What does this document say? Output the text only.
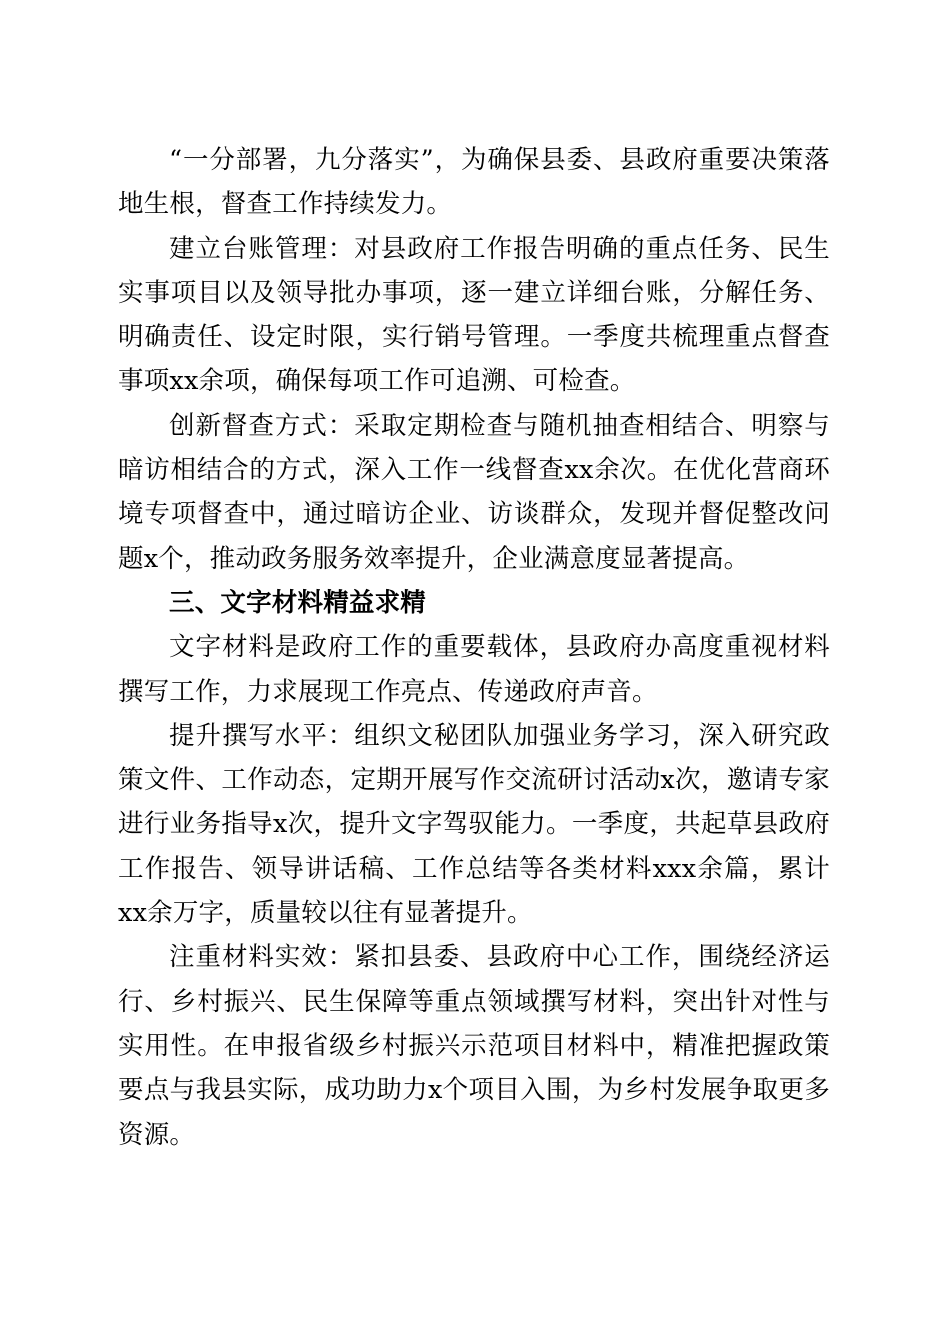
“一分部署，九分落实”，为确保县委、县政府重要决策落地生根，督查工作持续发力。

建立台账管理：对县政府工作报告明确的重点任务、民生实事项目以及领导批办事项，逐一建立详细台账，分解任务、明确责任、设定时限，实行销号管理。一季度共梳理重点督查事项xx余项，确保每项工作可追溯、可检查。

创新督查方式：采取定期检查与随机抽查相结合、明察与暗访相结合的方式，深入工作一线督查xx余次。在优化营商环境专项督查中，通过暗访企业、访谈群众，发现并督促整改问题x个，推动政务服务效率提升，企业满意度显著提高。

三、文字材料精益求精

文字材料是政府工作的重要载体，县政府办高度重视材料撰写工作，力求展现工作亮点、传递政府声音。

提升撰写水平：组织文秘团队加强业务学习，深入研究政策文件、工作动态，定期开展写作交流研讨活动x次，邀请专家进行业务指导x次，提升文字驾驭能力。一季度，共起草县政府工作报告、领导讲话稿、工作总结等各类材料xxx余篇，累计xx余万字，质量较以往有显著提升。

注重材料实效：紧扣县委、县政府中心工作，围绕经济运行、乡村振兴、民生保障等重点领域撰写材料，突出针对性与实用性。在申报省级乡村振兴示范项目材料中，精准把握政策要点与我县实际，成功助力x个项目入围，为乡村发展争取更多资源。
